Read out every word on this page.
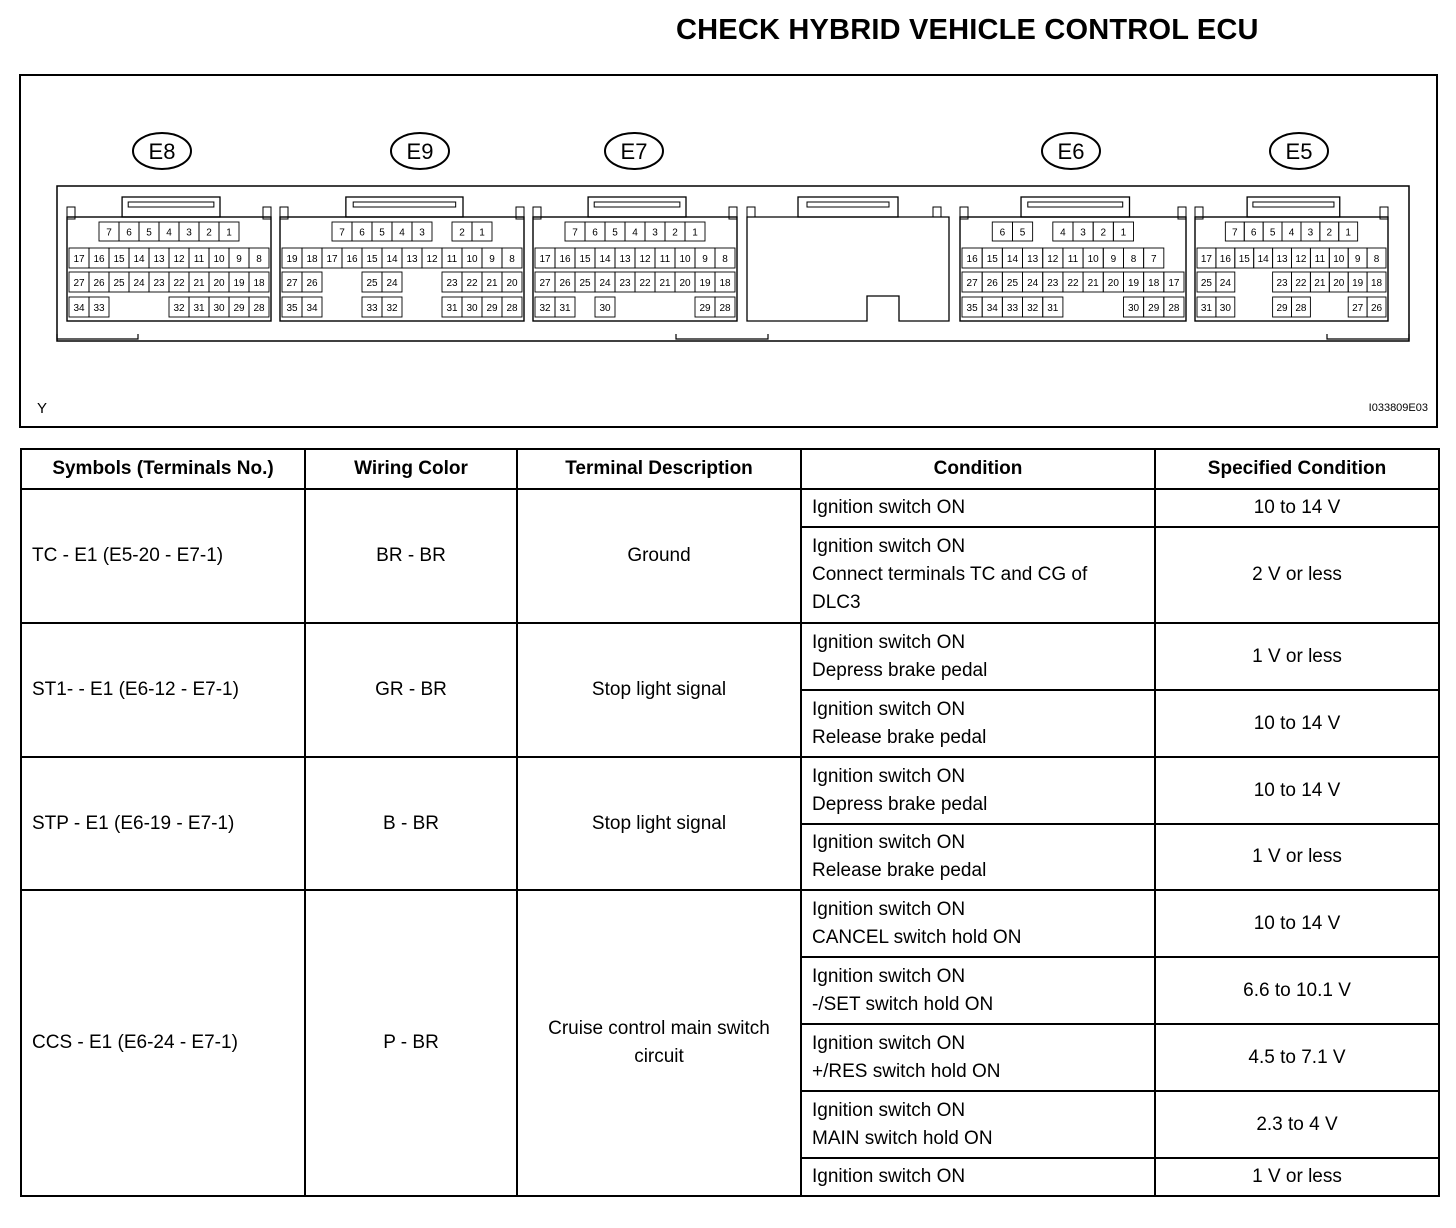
CHECK HYBRID VEHICLE CONTROL ECU
E8
7 6 5 4 3 2 1
17 16 15 14 13 12 11 10 9 8
27 26 25 24 23 22 21 20 19 18
34 33	32 31 30 29 28
E9
7 6 5 4 3	2 1
19 18 17 16 15 14 13 12 11 10 9 8
27 26	25 24	23 22 21 20
35 34	33 32	31 30 29 28
E7
7 6 5 4 3 2 1
17 16 15 14 13 12 11 10 9 8
27 26 25 24 23 22 21 20 19 18
32 31	30	29 28
E6
6 5	4 3 2 1
16 15 14 13 12 11 10 9 8 7
27 26 25 24 23 22 21 20 19 18 17
35 34 33 32 31	30 29 28
E5
7 6 5 4 3 2 1
17 16 15 14 13 12 11 10 9 8
25 24	23 22 21 20 19 18
31 30	29 28	27 26
Y	I033809E03
Symbols (Terminals No.)	Wiring Color	Terminal Description	Condition	Specified Condition
TC - E1 (E5-20 - E7-1)	BR - BR	Ground	Ignition switch ON	10 to 14 V
			Ignition switch ON
Connect terminals TC and CG of
DLC3	2 V or less
ST1- - E1 (E6-12 - E7-1)	GR - BR	Stop light signal	Ignition switch ON
Depress brake pedal	1 V or less
			Ignition switch ON
Release brake pedal	10 to 14 V
STP - E1 (E6-19 - E7-1)	B - BR	Stop light signal	Ignition switch ON
Depress brake pedal	10 to 14 V
			Ignition switch ON
Release brake pedal	1 V or less
CCS - E1 (E6-24 - E7-1)	P - BR	Cruise control main switch circuit	Ignition switch ON
CANCEL switch hold ON	10 to 14 V
			Ignition switch ON
-/SET switch hold ON	6.6 to 10.1 V
			Ignition switch ON
+/RES switch hold ON	4.5 to 7.1 V
			Ignition switch ON
MAIN switch hold ON	2.3 to 4 V
			Ignition switch ON	1 V or less
